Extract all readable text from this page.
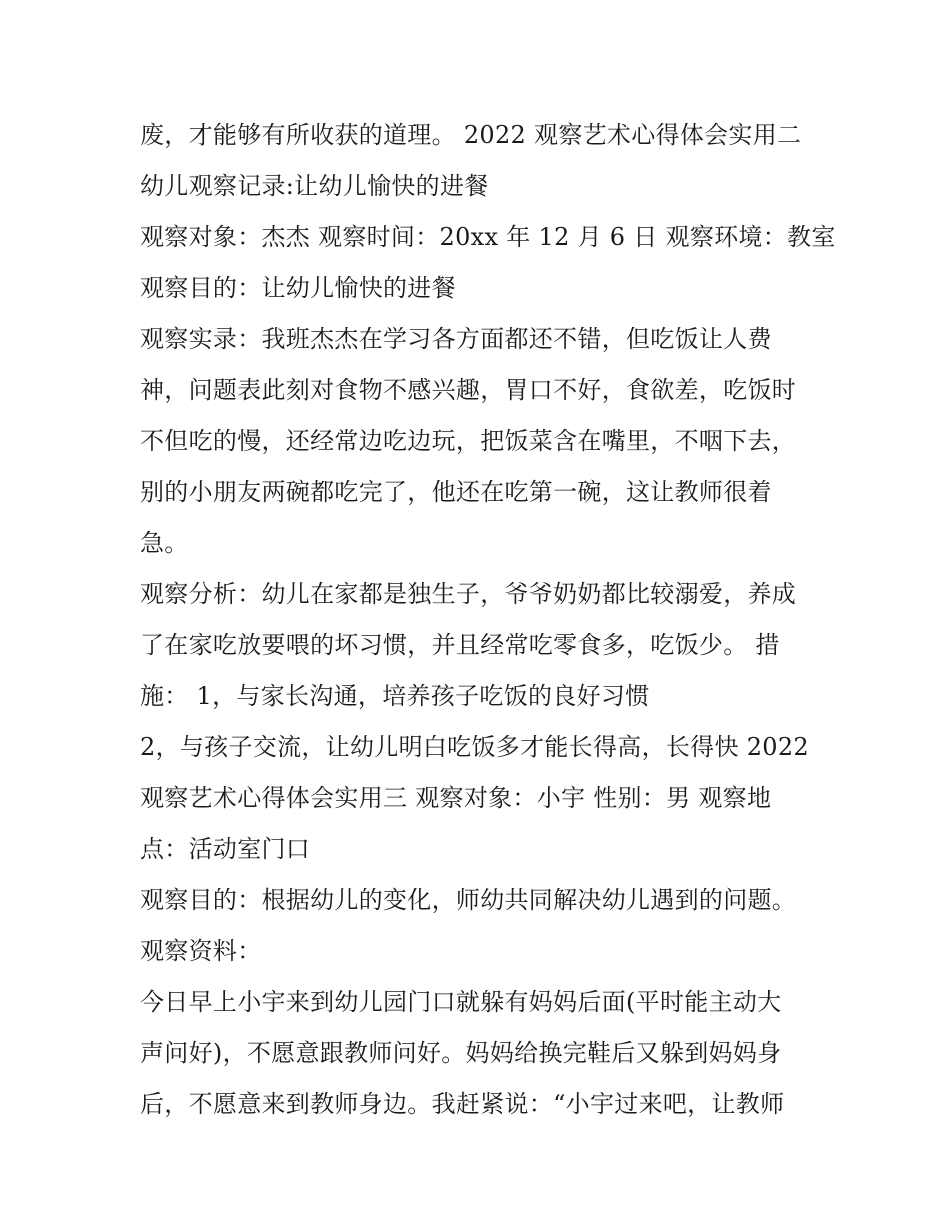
废，才能够有所收获的道理。 2022 观察艺术心得体会实用二
幼儿观察记录:让幼儿愉快的进餐
观察对象：杰杰 观察时间：20xx 年 12 月 6 日 观察环境：教室
观察目的：让幼儿愉快的进餐
观察实录：我班杰杰在学习各方面都还不错，但吃饭让人费
神，问题表此刻对食物不感兴趣，胃口不好，食欲差，吃饭时
不但吃的慢，还经常边吃边玩，把饭菜含在嘴里，不咽下去，
别的小朋友两碗都吃完了，他还在吃第一碗，这让教师很着
急。
观察分析：幼儿在家都是独生子，爷爷奶奶都比较溺爱，养成
了在家吃放要喂的坏习惯，并且经常吃零食多，吃饭少。 措
施： 1，与家长沟通，培养孩子吃饭的良好习惯
2，与孩子交流，让幼儿明白吃饭多才能长得高，长得快 2022
观察艺术心得体会实用三 观察对象：小宇 性别：男 观察地
点：活动室门口
观察目的：根据幼儿的变化，师幼共同解决幼儿遇到的问题。
观察资料：
今日早上小宇来到幼儿园门口就躲有妈妈后面(平时能主动大
声问好)，不愿意跟教师问好。妈妈给换完鞋后又躲到妈妈身
后，不愿意来到教师身边。我赶紧说：“小宇过来吧，让教师
